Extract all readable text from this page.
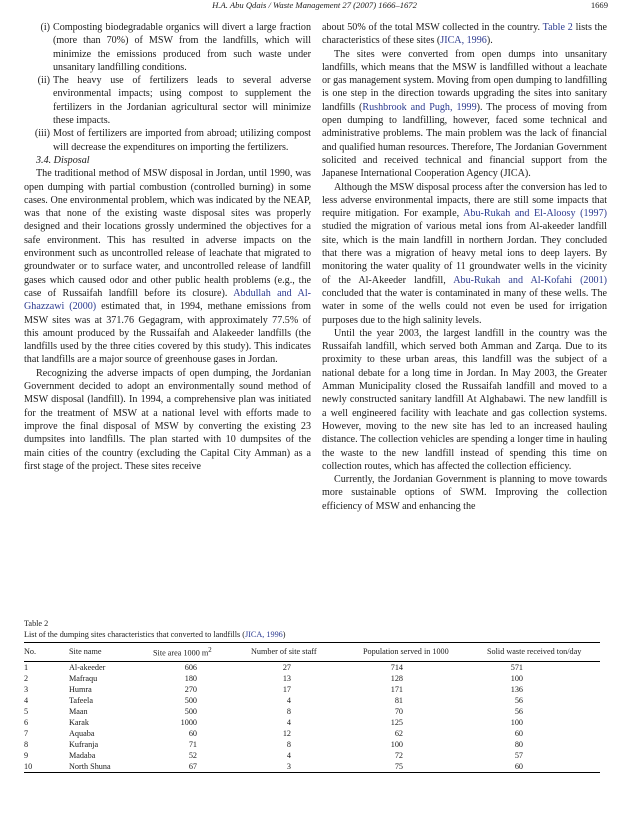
H.A. Abu Qdais / Waste Management 27 (2007) 1666–1672	1669
(i) Composting biodegradable organics will divert a large fraction (more than 70%) of MSW from the landfills, which will minimize the emissions produced from such waste under unsanitary landfilling conditions.
(ii) The heavy use of fertilizers leads to several adverse environmental impacts; using compost to supplement the fertilizers in the Jordanian agricultural sector will minimize these impacts.
(iii) Most of fertilizers are imported from abroad; utilizing compost will decrease the expenditures on importing the fertilizers.

3.4. Disposal

The traditional method of MSW disposal in Jordan, until 1990, was open dumping with partial combustion (controlled burning) in some cases. One environmental problem, which was indicated by the NEAP, was that none of the existing waste disposal sites was properly designed and their locations grossly undermined the objectives for a safe environment. This has resulted in adverse impacts on the environment such as uncontrolled release of leachate that migrated to groundwater or to surface water, and uncontrolled release of landfill gases which caused odor and other public health problems (e.g., the case of Russaifah landfill before its closure). Abdullah and Al-Ghazzawi (2000) estimated that, in 1994, methane emissions from MSW sites was at 371.76 Gegagram, with approximately 77.5% of this amount produced by the Russaifah and Alakeeder landfills (the landfills used by the three cities covered by this study). This indicates that landfills are a major source of greenhouse gases in Jordan.

Recognizing the adverse impacts of open dumping, the Jordanian Government decided to adopt an environmentally sound method of MSW disposal (landfill). In 1994, a comprehensive plan was initiated for the treatment of MSW at a national level with efforts made to improve the final disposal of MSW by converting the existing 23 dumpsites into landfills. The plan started with 10 dumpsites of the main cities of the country (excluding the Capital City Amman) as a first stage of the project. These sites receive

about 50% of the total MSW collected in the country. Table 2 lists the characteristics of these sites (JICA, 1996).

The sites were converted from open dumps into unsanitary landfills, which means that the MSW is landfilled without a leachate or gas management system. Moving from open dumping to landfilling is one step in the direction towards upgrading the sites into sanitary landfills (Rushbrook and Pugh, 1999). The process of moving from open dumping to landfilling, however, faced some technical and administrative problems. The main problem was the lack of financial and qualified human resources. Therefore, The Jordanian Government solicited and received technical and financial support from the Japanese International Cooperation Agency (JICA).

Although the MSW disposal process after the conversion has led to less adverse environmental impacts, there are still some impacts that require mitigation. For example, Abu-Rukah and El-Aloosy (1997) studied the migration of various metal ions from Al-akeeder landfill site, which is the main landfill in northern Jordan. They concluded that there was a migration of heavy metal ions to deep layers. By monitoring the water quality of 11 groundwater wells in the vicinity of the Al-Akeeder landfill, Abu-Rukah and Al-Kofahi (2001) concluded that the water is contaminated in many of these wells. The water in some of the wells could not even be used for irrigation purposes due to the high salinity levels.

Until the year 2003, the largest landfill in the country was the Russaifah landfill, which served both Amman and Zarqa. Due to its proximity to these urban areas, this landfill was the subject of a national debate for a long time in Jordan. In May 2003, the Greater Amman Municipality closed the Russaifah landfill and moved to a newly constructed sanitary landfill At Alghabawi. The new landfill is a well engineered facility with leachate and gas collection systems. However, moving to the new site has led to an increased hauling distance. The collection vehicles are spending a longer time in hauling the waste to the new landfill instead of spending this time on collection routes, which has affected the collection efficiency.

Currently, the Jordanian Government is planning to move towards more sustainable options of SWM. Improving the collection efficiency of MSW and enhancing the

Table 2

List of the dumping sites characteristics that converted to landfills (JICA, 1996)

No.	Site name	Site area 1000 $m^2$	Number of site staff	Population served in 1000	Solid waste received ton/day
1	Al-akeeder	606	27	714	571
2	Mafraqu	180	13	128	100
3	Humra	270	17	171	136
4	Tafeela	500	4	81	56
5	Maan	500	8	70	56
6	Karak	1000	4	125	100
7	Aquaba	60	12	62	60
8	Kufranja	71	8	100	80
9	Madaba	52	4	72	57
10	North Shuna	67	3	75	60
